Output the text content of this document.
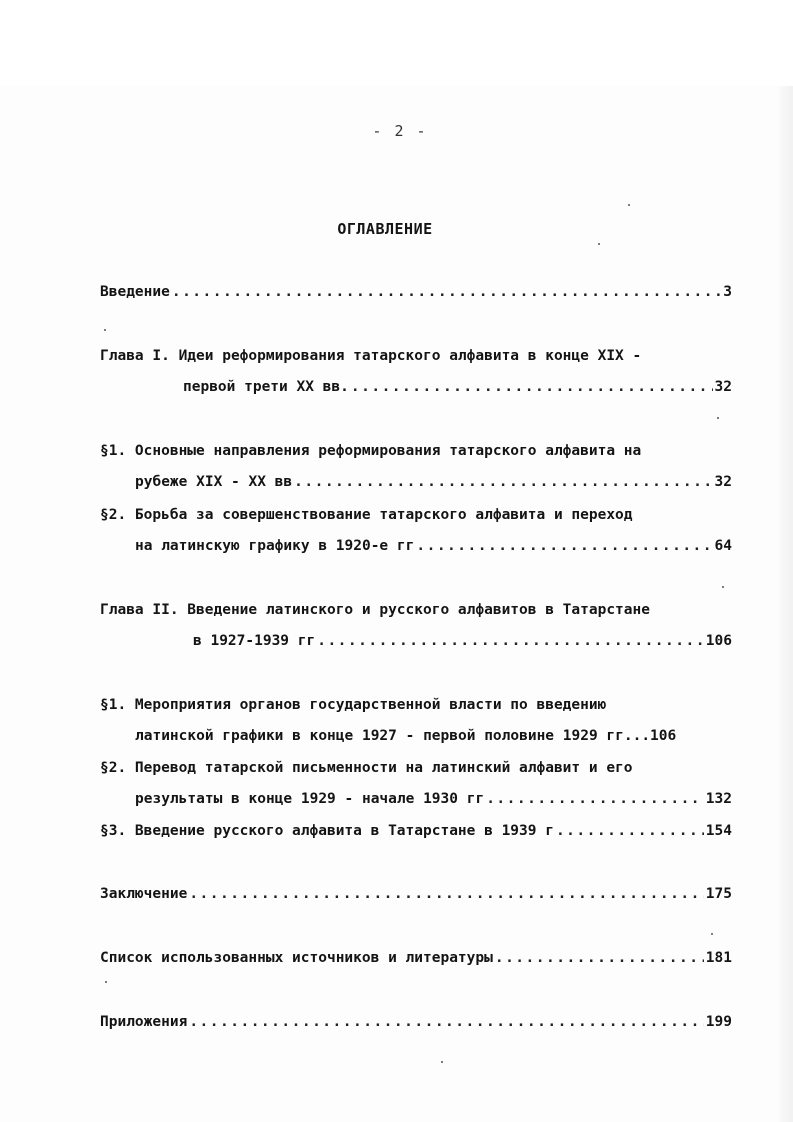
- 2 -
ОГЛАВЛЕНИЕ
Введение .....	3
Глава I. Идеи реформирования татарского алфавита в конце XIX -
первой трети XX вв. .....	32
§1. Основные направления реформирования татарского алфавита на
рубеже XIX - XX вв .....	32
§2. Борьба за совершенствование татарского алфавита и переход
на латинскую графику в 1920-е гг .....	64
Глава II. Введение латинского и русского алфавитов в Татарстане
в 1927-1939 гг .....	106
§1. Мероприятия органов государственной власти по введению
латинской графики в конце 1927 - первой половине 1929 гг...106
§2. Перевод татарской письменности на латинский алфавит и его
результаты в конце 1929 - начале 1930 гг .....	132
§3. Введение русского алфавита в Татарстане в 1939 г .....	154
Заключение .....	175
Список использованных источников и литературы .....	181
Приложения .....	199
